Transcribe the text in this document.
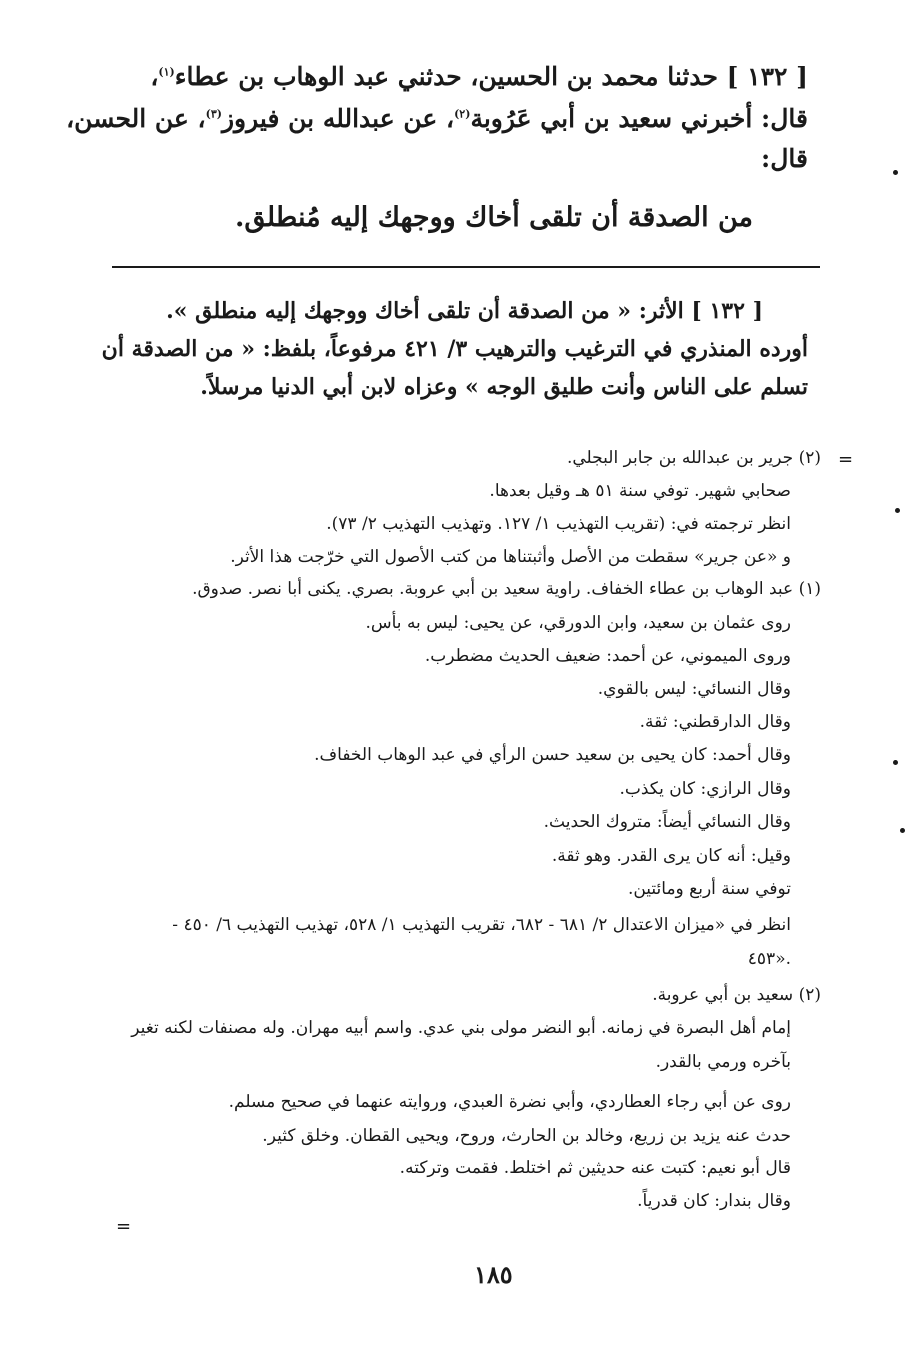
[ ١٣٢ ] حدثنا محمد بن الحسين، حدثني عبد الوهاب بن عطاء$^{(١)}$،
قال: أخبرني سعيد بن أبي عَرُوبة$^{(٢)}$، عن عبدالله بن فيروز$^{(٣)}$، عن الحسن،
قال:
من الصدقة أن تلقى أخاك ووجهك إليه مُنطلق.
[ ١٣٢ ] الأثر: « من الصدقة أن تلقى أخاك ووجهك إليه منطلق ».
أورده المنذري في الترغيب والترهيب ٣/ ٤٢١ مرفوعاً، بلفظ: « من الصدقة أن
تسلم على الناس وأنت طليق الوجه » وعزاه لابن أبي الدنيا مرسلاً.
=
=
(٢) جرير بن عبدالله بن جابر البجلي.
صحابي شهير. توفي سنة ٥١ هـ وقيل بعدها.
انظر ترجمته في: (تقريب التهذيب ١/ ١٢٧. وتهذيب التهذيب ٢/ ٧٣).
و «عن جرير» سقطت من الأصل وأثبتناها من كتب الأصول التي خرّجت هذا الأثر.
(١) عبد الوهاب بن عطاء الخفاف. راوية سعيد بن أبي عروبة. بصري. يكنى أبا نصر. صدوق.
روى عثمان بن سعيد، وابن الدورقي، عن يحيى: ليس به بأس.
وروى الميموني، عن أحمد: ضعيف الحديث مضطرب.
وقال النسائي: ليس بالقوي.
وقال الدارقطني: ثقة.
وقال أحمد: كان يحيى بن سعيد حسن الرأي في عبد الوهاب الخفاف.
وقال الرازي: كان يكذب.
وقال النسائي أيضاً: متروك الحديث.
وقيل: أنه كان يرى القدر. وهو ثقة.
توفي سنة أربع ومائتين.
انظر في «ميزان الاعتدال ٢/ ٦٨١ - ٦٨٢، تقريب التهذيب ١/ ٥٢٨، تهذيب التهذيب ٦/ ٤٥٠ -
٤٥٣».
(٢) سعيد بن أبي عروبة.
إمام أهل البصرة في زمانه. أبو النضر مولى بني عدي. واسم أبيه مهران. وله مصنفات لكنه تغير
بآخره ورمي بالقدر.
روى عن أبي رجاء العطاردي، وأبي نضرة العبدي، وروايته عنهما في صحيح مسلم.
حدث عنه يزيد بن زريع، وخالد بن الحارث، وروح، ويحيى القطان. وخلق كثير.
قال أبو نعيم: كتبت عنه حديثين ثم اختلط. فقمت وتركته.
وقال بندار: كان قدرياً.
١٨٥
